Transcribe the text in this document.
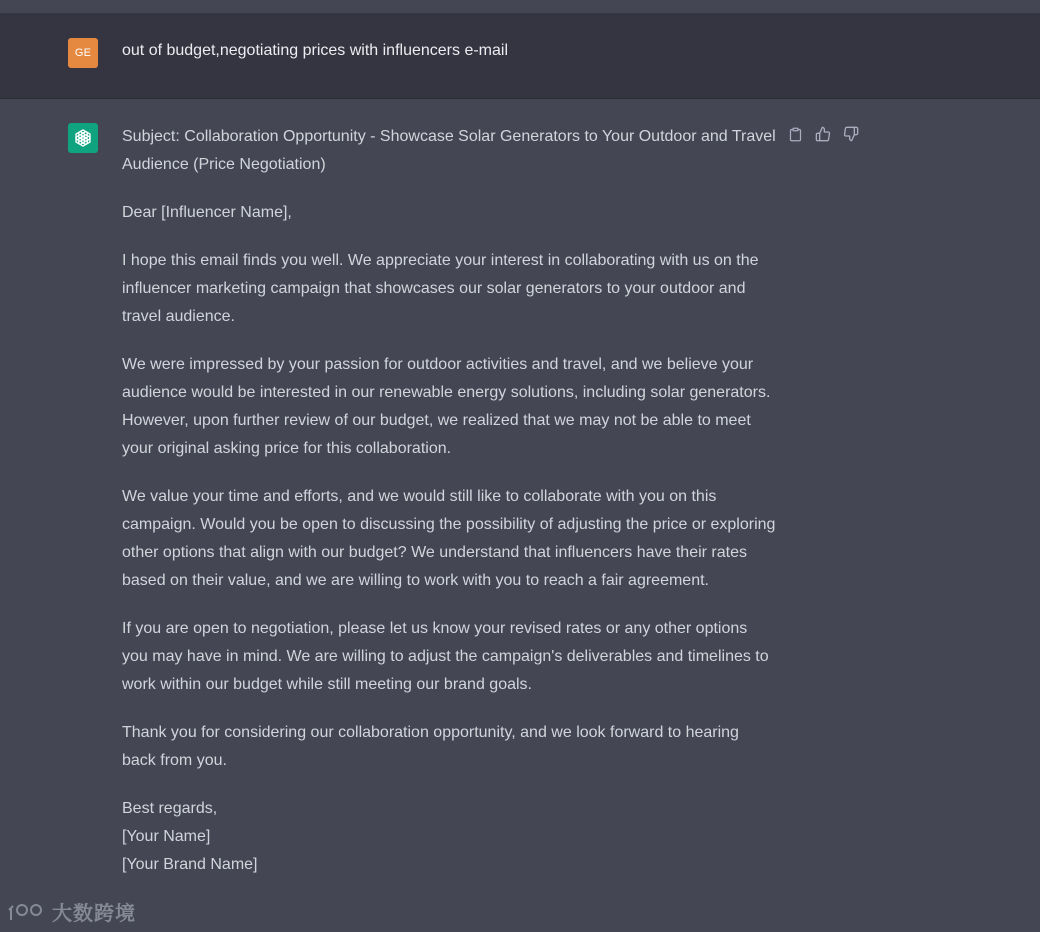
GE	out of budget,negotiating prices with influencers e-mail

Subject: Collaboration Opportunity - Showcase Solar Generators to Your Outdoor and Travel Audience (Price Negotiation)

Dear [Influencer Name],

I hope this email finds you well. We appreciate your interest in collaborating with us on the influencer marketing campaign that showcases our solar generators to your outdoor and travel audience.

We were impressed by your passion for outdoor activities and travel, and we believe your audience would be interested in our renewable energy solutions, including solar generators. However, upon further review of our budget, we realized that we may not be able to meet your original asking price for this collaboration.

We value your time and efforts, and we would still like to collaborate with you on this campaign. Would you be open to discussing the possibility of adjusting the price or exploring other options that align with our budget? We understand that influencers have their rates based on their value, and we are willing to work with you to reach a fair agreement.

If you are open to negotiation, please let us know your revised rates or any other options you may have in mind. We are willing to adjust the campaign's deliverables and timelines to work within our budget while still meeting our brand goals.

Thank you for considering our collaboration opportunity, and we look forward to hearing back from you.

Best regards,

[Your Name]

[Your Brand Name]

大数跨境
